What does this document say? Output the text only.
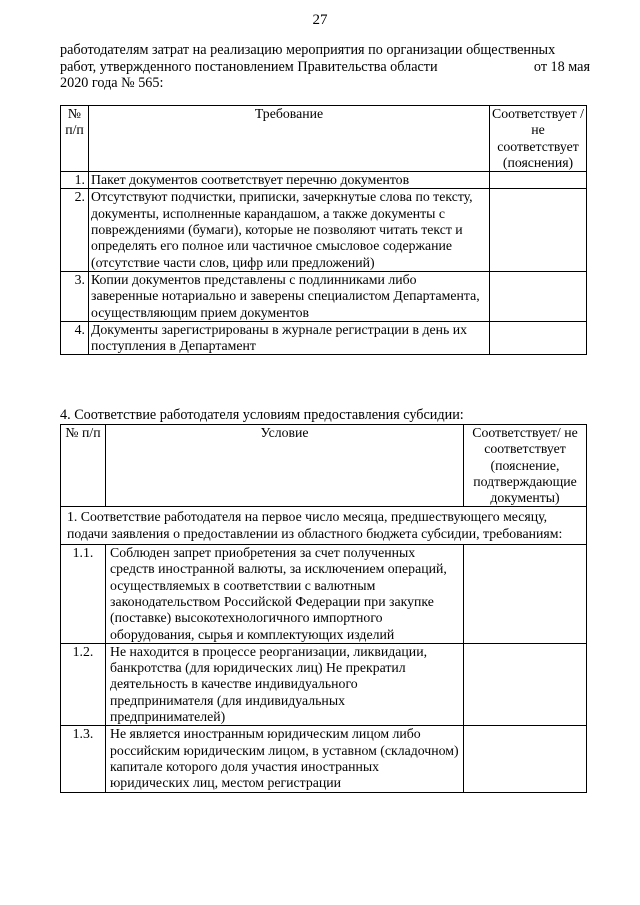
27
работодателям затрат на реализацию мероприятия по организации общественных
работ, утвержденного постановлением Правительства области	от 18 мая
2020 года № 565:
№ п/п	Требование	Соответствует /не соответствует (пояснения)
1.	Пакет документов соответствует перечню документов	
2.	Отсутствуют подчистки, приписки, зачеркнутые слова по тексту, документы, исполненные карандашом, а также документы с повреждениями (бумаги), которые не позволяют читать текст и определять его полное или частичное смысловое содержание (отсутствие части слов, цифр или предложений)	
3.	Копии документов представлены с подлинниками либо заверенные нотариально и заверены специалистом Департамента, осуществляющим прием документов	
4.	Документы зарегистрированы в журнале регистрации в день их поступления в Департамент	
4. Соответствие работодателя условиям предоставления субсидии:
№ п/п	Условие	Соответствует/ не соответствует (пояснение, подтверждающие документы)
1. Соответствие работодателя на первое число месяца, предшествующего месяцу, подачи заявления о предоставлении из областного бюджета субсидии, требованиям:		
1.1.	Соблюден запрет приобретения за счет полученных средств иностранной валюты, за исключением операций, осуществляемых в соответствии с валютным законодательством Российской Федерации при закупке (поставке) высокотехнологичного импортного оборудования, сырья и комплектующих изделий	
1.2.	Не находится в процессе реорганизации, ликвидации, банкротства (для юридических лиц) Не прекратил деятельность в качестве индивидуального предпринимателя (для индивидуальных предпринимателей)	
1.3.	Не является иностранным юридическим лицом либо российским юридическим лицом, в уставном (складочном) капитале которого доля участия иностранных юридических лиц, местом регистрации	
